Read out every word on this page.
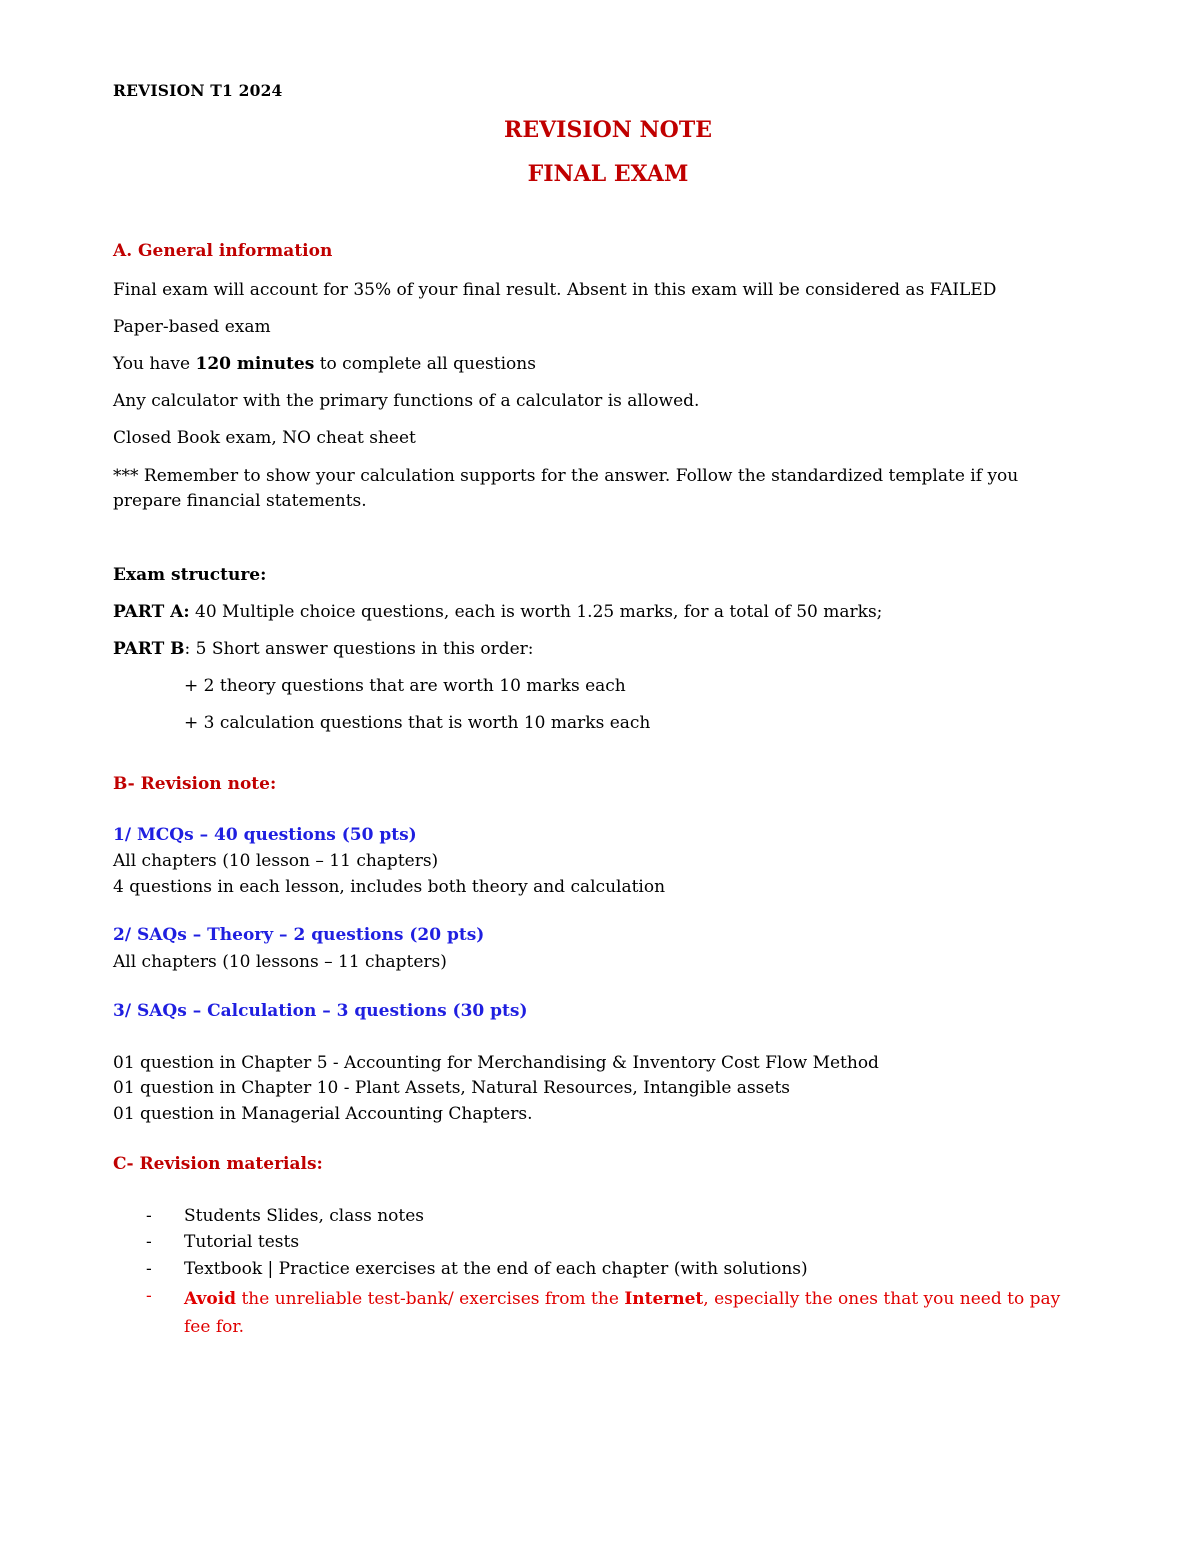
REVISION T1 2024
REVISION NOTE
FINAL EXAM
A. General information
Final exam will account for 35% of your final result. Absent in this exam will be considered as FAILED
Paper-based exam
You have 120 minutes to complete all questions
Any calculator with the primary functions of a calculator is allowed.
Closed Book exam, NO cheat sheet
*** Remember to show your calculation supports for the answer. Follow the standardized template if you prepare financial statements.
Exam structure:
PART A: 40 Multiple choice questions, each is worth 1.25 marks, for a total of 50 marks;
PART B: 5 Short answer questions in this order:
+ 2 theory questions that are worth 10 marks each
+ 3 calculation questions that is worth 10 marks each
B- Revision note:
1/ MCQs – 40 questions (50 pts)
All chapters (10 lesson – 11 chapters)
4 questions in each lesson, includes both theory and calculation
2/ SAQs – Theory – 2 questions (20 pts)
All chapters (10 lessons – 11 chapters)
3/ SAQs – Calculation – 3 questions (30 pts)
01 question in Chapter 5 - Accounting for Merchandising & Inventory Cost Flow Method
01 question in Chapter 10 - Plant Assets, Natural Resources, Intangible assets
01 question in Managerial Accounting Chapters.
C- Revision materials:
- Students Slides, class notes
- Tutorial tests
- Textbook | Practice exercises at the end of each chapter (with solutions)
- Avoid the unreliable test-bank/ exercises from the Internet, especially the ones that you need to pay fee for.
